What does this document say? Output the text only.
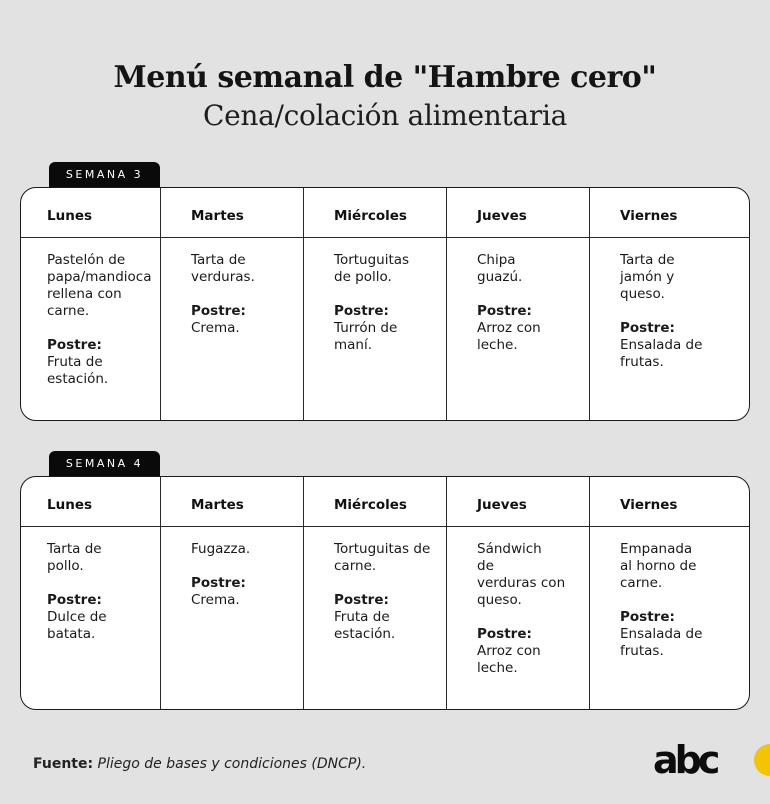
Menú semanal de "Hambre cero"
Cena/colación alimentaria
SEMANA 3
Lunes
Pastelón de
papa/mandioca
rellena con
carne.
Postre:
Fruta de
estación.
Martes
Tarta de
verduras.
Postre:
Crema.
Miércoles
Tortuguitas
de pollo.
Postre:
Turrón de
maní.
Jueves
Chipa
guazú.
Postre:
Arroz con
leche.
Viernes
Tarta de
jamón y
queso.
Postre:
Ensalada de
frutas.
SEMANA 4
Lunes
Tarta de
pollo.
Postre:
Dulce de
batata.
Martes
Fugazza.
Postre:
Crema.
Miércoles
Tortuguitas de
carne.
Postre:
Fruta de
estación.
Jueves
Sándwich
de
verduras con
queso.
Postre:
Arroz con
leche.
Viernes
Empanada
al horno de
carne.
Postre:
Ensalada de
frutas.
Fuente: Pliego de bases y condiciones (DNCP).	abc
